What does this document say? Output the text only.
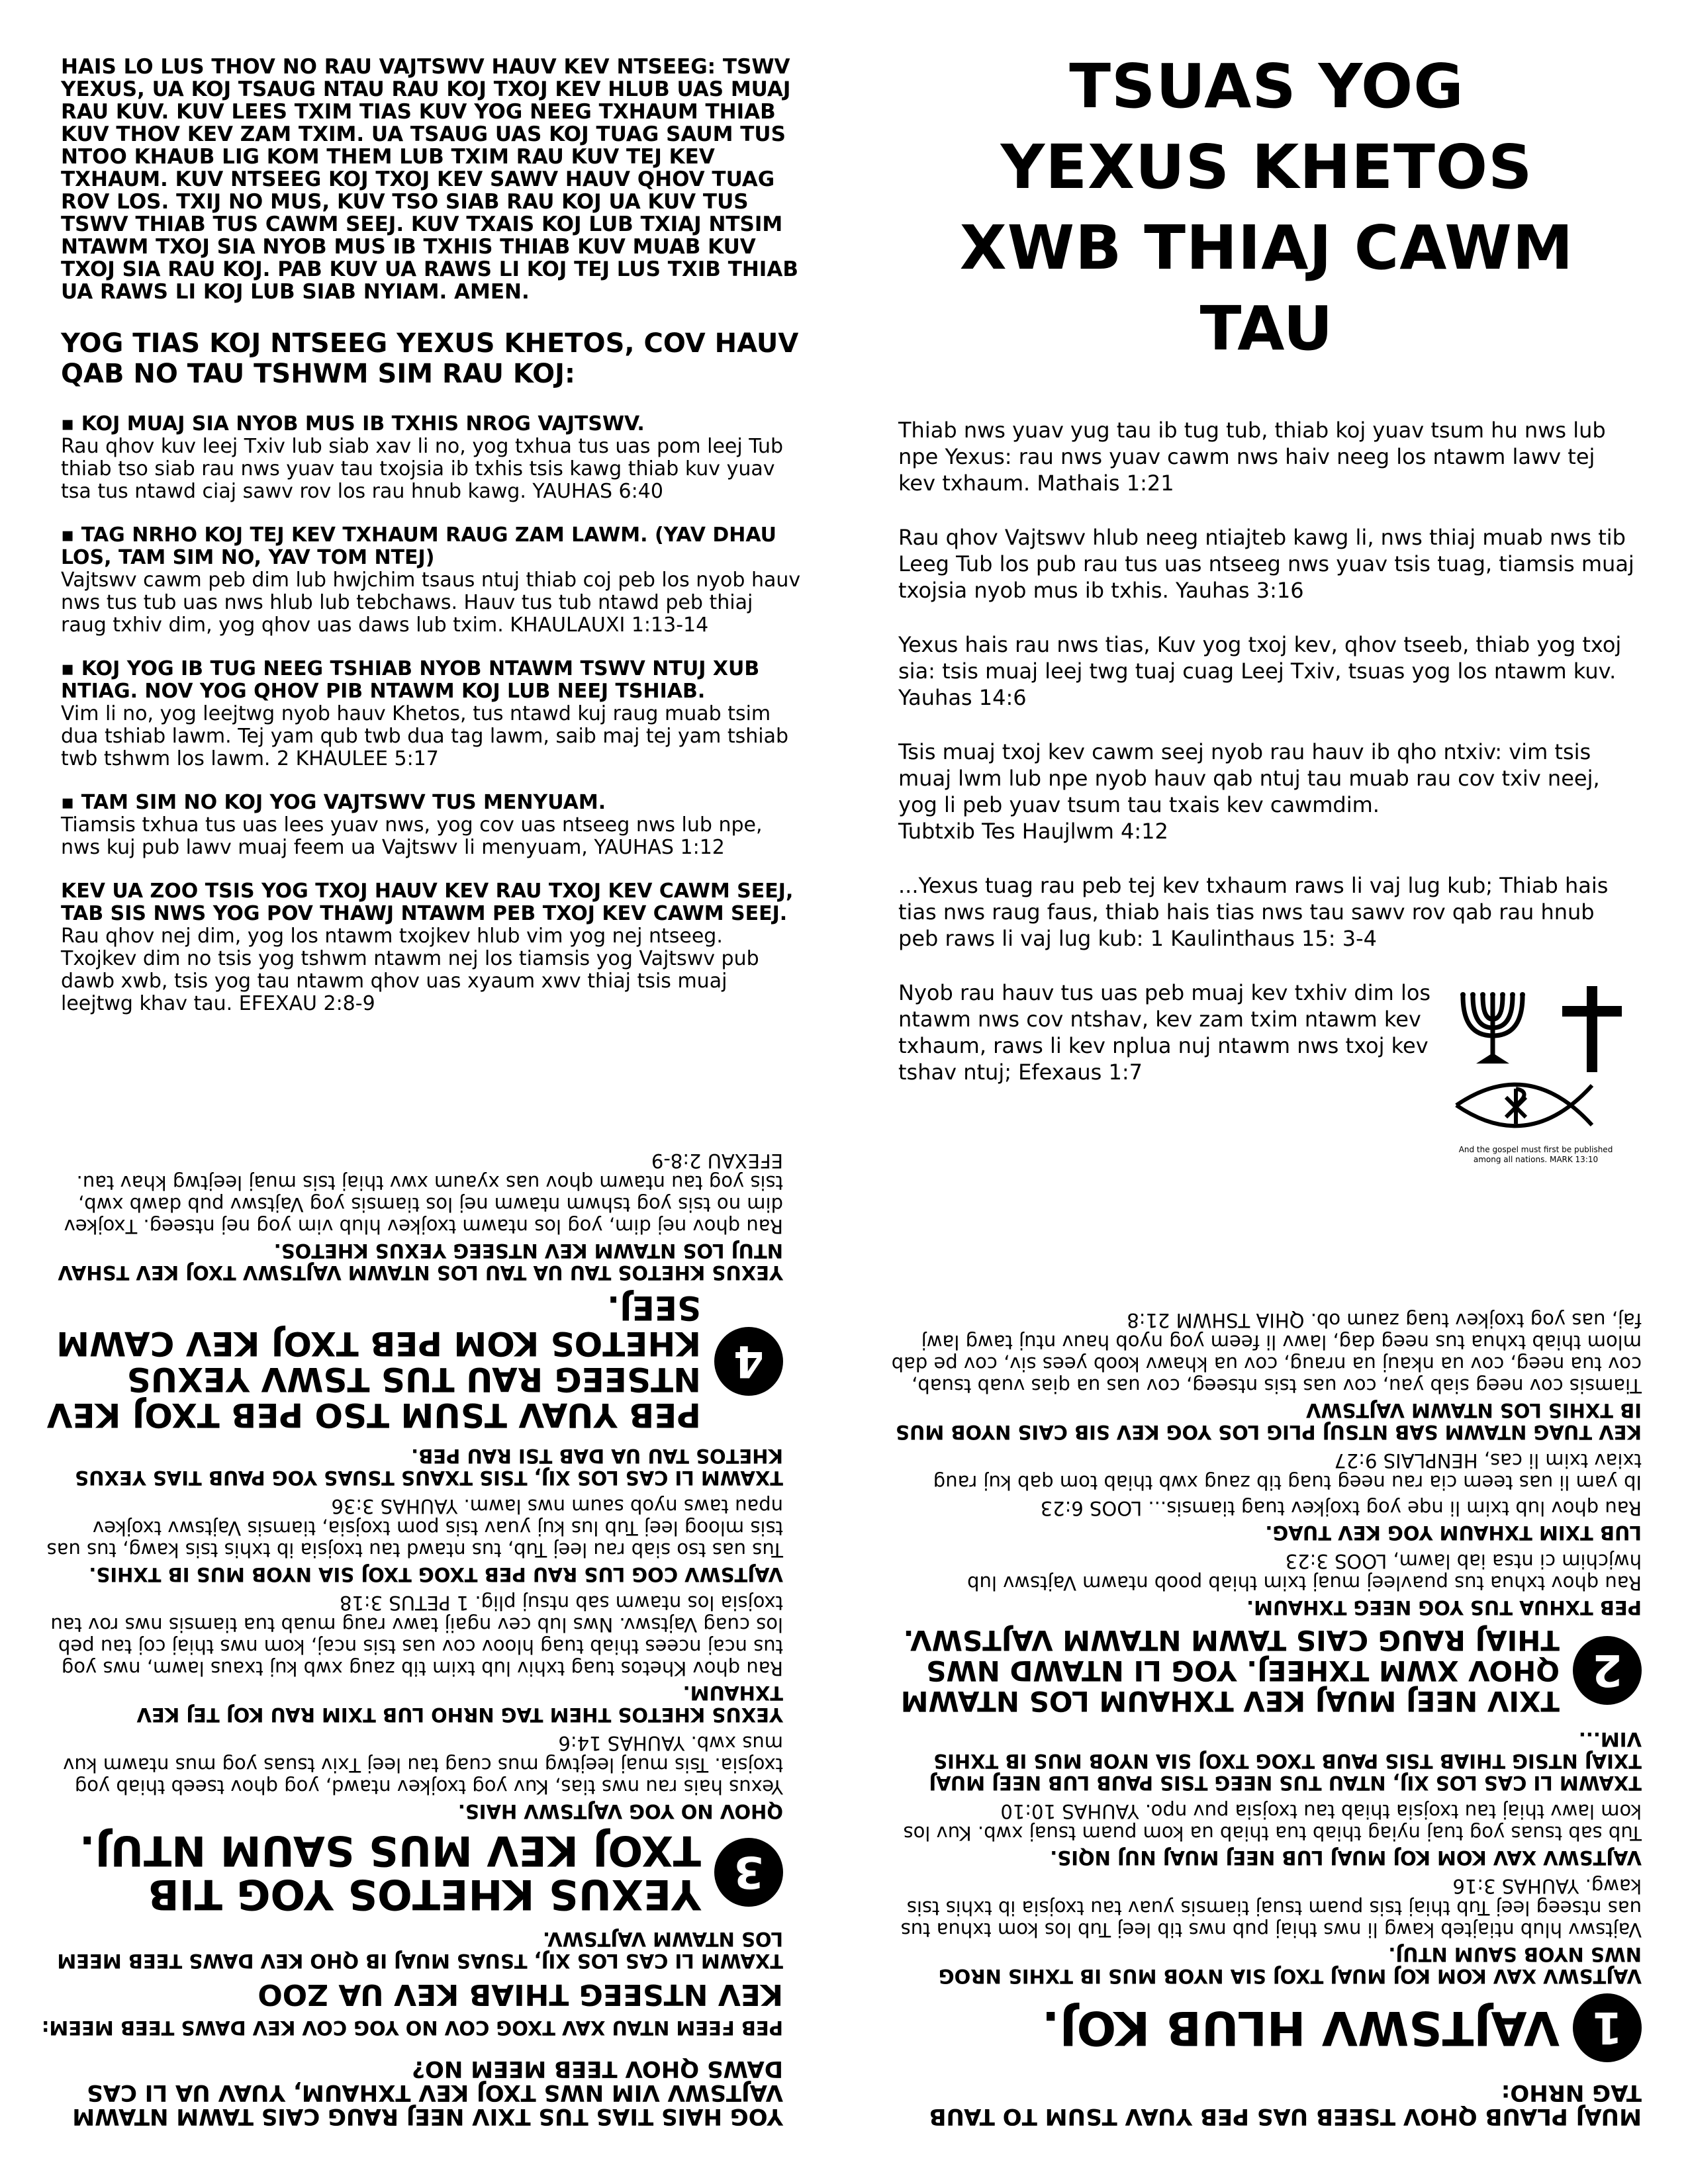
HAIS LO LUS THOV NO RAU VAJTSWV HAUV KEV NTSEEG: TSWV YEXUS, UA KOJ TSAUG NTAU RAU KOJ TXOJ KEV HLUB UAS MUAJ RAU KUV. KUV LEES TXIM TIAS KUV YOG NEEG TXHAUM THIAB KUV THOV KEV ZAM TXIM. UA TSAUG UAS KOJ TUAG SAUM TUS NTOO KHAUB LIG KOM THEM LUB TXIM RAU KUV TEJ KEV TXHAUM. KUV NTSEEG KOJ TXOJ KEV SAWV HAUV QHOV TUAG ROV LOS. TXIJ NO MUS, KUV TSO SIAB RAU KOJ UA KUV TUS TSWV THIAB TUS CAWM SEEJ. KUV TXAIS KOJ LUB TXIAJ NTSIM NTAWM TXOJ SIA NYOB MUS IB TXHIS THIAB KUV MUAB KUV TXOJ SIA RAU KOJ. PAB KUV UA RAWS LI KOJ TEJ LUS TXIB THIAB UA RAWS LI KOJ LUB SIAB NYIAM. AMEN.

YOG TIAS KOJ NTSEEG YEXUS KHETOS, COV HAUV QAB NO TAU TSHWM SIM RAU KOJ:
▪ KOJ MUAJ SIA NYOB MUS IB TXHIS NROG VAJTSWV.
Rau qhov kuv leej Txiv lub siab xav li no, yog txhua tus uas pom leej Tub thiab tso siab rau nws yuav tau txojsia ib txhis tsis kawg thiab kuv yuav tsa tus ntawd ciaj sawv rov los rau hnub kawg. YAUHAS 6:40
▪ TAG NRHO KOJ TEJ KEV TXHAUM RAUG ZAM LAWM. (YAV DHAU LOS, TAM SIM NO, YAV TOM NTEJ)
Vajtswv cawm peb dim lub hwjchim tsaus ntuj thiab coj peb los nyob hauv nws tus tub uas nws hlub lub tebchaws. Hauv tus tub ntawd peb thiaj raug txhiv dim, yog qhov uas daws lub txim. KHAULAUXI 1:13-14
▪ KOJ YOG IB TUG NEEG TSHIAB NYOB NTAWM TSWV NTUJ XUB NTIAG. NOV YOG QHOV PIB NTAWM KOJ LUB NEEJ TSHIAB.
Vim li no, yog leejtwg nyob hauv Khetos, tus ntawd kuj raug muab tsim dua tshiab lawm. Tej yam qub twb dua tag lawm, saib maj tej yam tshiab twb tshwm los lawm. 2 KHAULEE 5:17
▪ TAM SIM NO KOJ YOG VAJTSWV TUS MENYUAM.
Tiamsis txhua tus uas lees yuav nws, yog cov uas ntseeg nws lub npe, nws kuj pub lawv muaj feem ua Vajtswv li menyuam, YAUHAS 1:12
KEV UA ZOO TSIS YOG TXOJ HAUV KEV RAU TXOJ KEV CAWM SEEJ, TAB SIS NWS YOG POV THAWJ NTAWM PEB TXOJ KEV CAWM SEEJ.
Rau qhov nej dim, yog los ntawm txojkev hlub vim yog nej ntseeg. Txojkev dim no tsis yog tshwm ntawm nej los tiamsis yog Vajtswv pub dawb xwb, tsis yog tau ntawm qhov uas xyaum xwv thiaj tsis muaj leejtwg khav tau. EFEXAU 2:8-9
TSUAS YOG
YEXUS KHETOS
XWB THIAJ CAWM TAU

Thiab nws yuav yug tau ib tug tub, thiab koj yuav tsum hu nws lub npe Yexus: rau nws yuav cawm nws haiv neeg los ntawm lawv tej kev txhaum. Mathais 1:21

Rau qhov Vajtswv hlub neeg ntiajteb kawg li, nws thiaj muab nws tib Leeg Tub los pub rau tus uas ntseeg nws yuav tsis tuag, tiamsis muaj txojsia nyob mus ib txhis. Yauhas 3:16

Yexus hais rau nws tias, Kuv yog txoj kev, qhov tseeb, thiab yog txoj sia: tsis muaj leej twg tuaj cuag Leej Txiv, tsuas yog los ntawm kuv. Yauhas 14:6

Tsis muaj txoj kev cawm seej nyob rau hauv ib qho ntxiv: vim tsis muaj lwm lub npe nyob hauv qab ntuj tau muab rau cov txiv neej, yog li peb yuav tsum tau txais kev cawmdim.
Tubtxib Tes Haujlwm 4:12

...Yexus tuag rau peb tej kev txhaum raws li vaj lug kub; Thiab hais tias nws raug faus, thiab hais tias nws tau sawv rov qab rau hnub peb raws li vaj lug kub: 1 Kaulinthaus 15: 3-4

Nyob rau hauv tus uas peb muaj kev txhiv dim los ntawm nws cov ntshav, kev zam txim ntawm kev txhaum, raws li kev nplua nuj ntawm nws txoj kev tshav ntuj; Efexaus 1:7

And the gospel must first be published among all nations. MARK 13:10
YOG HAIS TIAS TUS TXIV NEEJ RAUG CAIS TAWM NTAWM VAJTSWV VIM NWS TXOJ KEV TXHAUM, YUAV UA LI CAS DAWS QHOV TEEB MEEM NO?
PEB FEEM NTAU XAV TXOG COV NO YOG COV KEV DAWS TEEB MEEM:
KEV NTSEEG THIAB KEV UA ZOO
TXAWM LI CAS LOS XIJ, TSUAS MUAJ IB QHO KEV DAWS TEEB MEEM LOS NTAWM VAJTSWV.
3
YEXUS KHETOS YOG TIB TXOJ KEV MUS SAUM NTUJ.
QHOV NO YOG VAJTSWV HAIS.
Yexus hais rau nws tias, Kuv yog txojkev ntawd, yog qhov tseeb thiab yog txojsia. Tsis muaj leejtwg mus cuag tau leej Txiv tsuas yog mus ntawm kuv mus xwb. YAUHAS 14:6
YEXUS KHETOS THEM TAG NRHO LUB TXIM RAU KOJ TEJ KEV TXHAUM.
Rau qhov Khetos tuag txhiv lub txim tib zaug xwb kuj txaus lawm, nws yog tus ncaj ncees thiab tuag hloov cov uas tsis ncaj, kom nws thiaj coj tau peb los cuag Vajtswv. Nws lub cev ngaij tawv raug muab tua tiamsis nws rov tau txojsia los ntawm sab ntsuj plig. 1 PETUS 3:18
VAJTSWV COG LUS RAU PEB TXOG TXOJ SIA NYOB MUS IB TXHIS.
Tus uas tso siab rau leej Tub, tus ntawd tau txojsia ib txhis tsis kawg, tus uas tsis mloog leej Tub lus kuj yuav tsis pom txojsia, tiamsis Vajtswv txojkev npau taws nyob saum nws lawm. YAUHAS 3:36
TXAWM LI CAS LOS XIJ, TSIS TXAUS TSUAS YOG PAUB TIAS YEXUS KHETOS TAU UA DAB TSI RAU PEB.
4
PEB YUAV TSUM TSO PEB TXOJ KEV NTSEEG RAU TUS TSWV YEXUS KHETOS KOM PEB TXOJ KEV CAWM SEEJ.
YEXUS KHETOS TAU UA TAU LOS NTAWM VAJTSWV TXOJ KEV TSHAV NTUJ LOS NTAWM KEV NTSEEG YEXUS KHETOS.
Rau qhov nej dim, yog los ntawm txojkev hlub vim yog nej ntseeg. Txojkev dim no tsis yog tshwm ntawm nej los tiamsis yog Vajtswv pub dawb xwb, tsis yog tau ntawm qhov uas xyaum xwv thiaj tsis muaj leejtwg khav tau. EFEXAU 2:8-9
MUAJ PLAUB QHOV TSEEB UAS PEB YUAV TSUM TO TAUB TAG NRHO:
1
VAJTSWV HLUB KOJ.
VAJTSWV XAV KOM KOJ MUAJ TXOJ SIA NYOB MUS IB TXHIS NROG NWS NYOB SAUM NTUJ.
Vajtswv hlub ntiajteb kawg li nws thiaj pub nws tib leej Tub los kom txhua tus uas ntseeg leej Tub thiaj tsis puam tsuaj tiamsis yuav tau txojsia ib txhis tsis kawg. YAUHAS 3:16
VAJTSWV XAV KOM KOJ MUAJ LUB NEEJ MUAJ NUJ NQIS.
Tub sab tsuas yog tuaj nyiag thiab tua thiab ua kom puam tsuaj xwb. Kuv los kom lawv thiaj tau txojsia thiab tau txojsia puv npo. YAUHAS 10:10
TXAWM LI CAS LOS XIJ, NTAU TUS NEEG TSIS PAUB LUB NEEJ MUAJ TXIAJ NTSIG THIAB TSIS PAUB TXOG TXOJ SIA NYOB MUS IB TXHIS VIM...
2
TXIV NEEJ MUAJ KEV TXHAUM LOS NTAWM QHOV XWM TXHEEJ. YOG LI NTAWD NWS THIAJ RAUG CAIS TAWM NTAWM VAJTSWV.
PEB TXHUA TUS YOG NEEG TXHAUM.
Rau qhov txhua tus puavleej muaj txim thiab poob ntawm Vajtswv lub hwjchim ci ntsa iab lawm, LOOS 3:23
LUB TXIM TXHAUM YOG KEV TUAG.
Rau qhov lub txim li nqe yog txojkev tuag tiamsis... LOOS 6:23
Ib yam li uas teem cia rau neeg tuag tib zaug xwb thiab tom qab kuj raug txiav txim li cas, HENPLAIS 9:27
KEV TUAG NTAWM SAB NTSUJ PLIG LOS YOG KEV SIB CAIS NYOB MUS IB TXHIS LOS NTAWM VAJTSWV
Tiamsis cov neeg siab yau, cov uas tsis ntseeg, cov uas ua qias vuab tsuab, cov tua neeg, cov ua nkauj ua nraug, cov ua khawv koob yees siv, cov pe dab mlom thiab txhua tus neeg dag, lawv li feem yog nyob hauv ntuj tawg lawj faj, uas yog txojkev tuag zaum ob. QHIA TSHWM 21:8
